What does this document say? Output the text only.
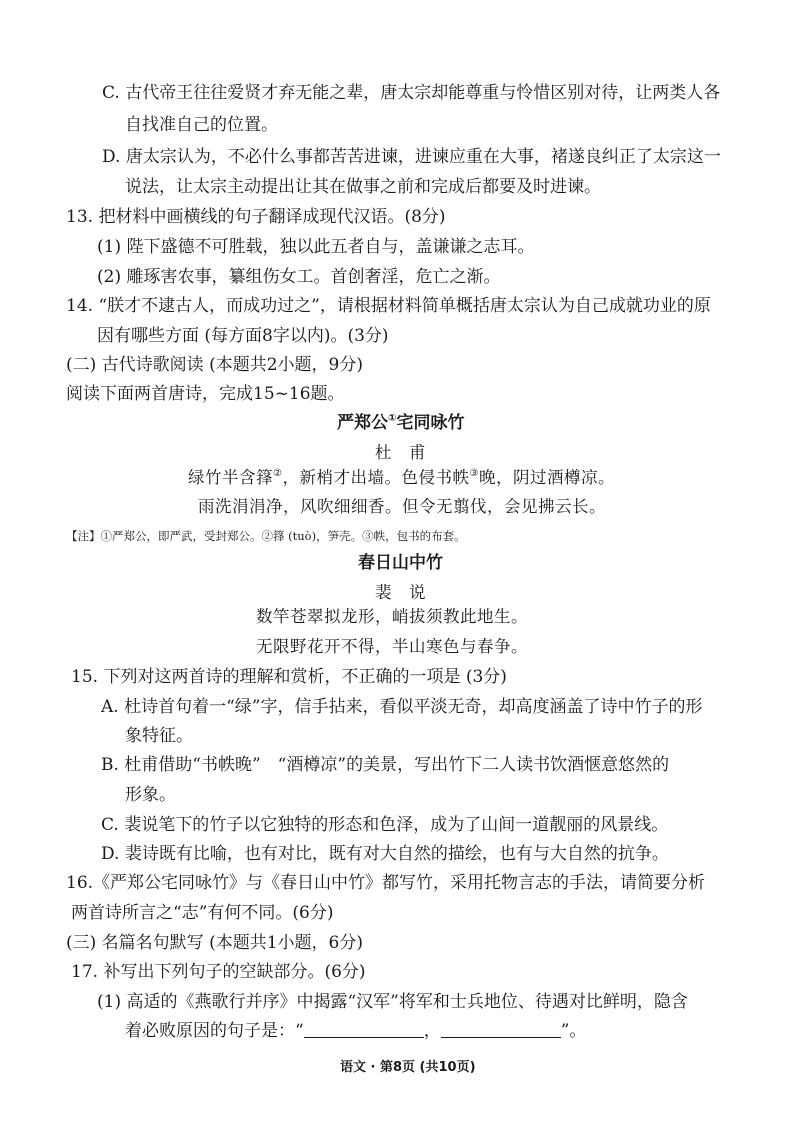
C. 古代帝王往往爱贤才弃无能之辈，唐太宗却能尊重与怜惜区别对待，让两类人各
自找准自己的位置。
D. 唐太宗认为，不必什么事都苦苦进谏，进谏应重在大事，褚遂良纠正了太宗这一
说法，让太宗主动提出让其在做事之前和完成后都要及时进谏。
13. 把材料中画横线的句子翻译成现代汉语。(8分)
(1) 陛下盛德不可胜载，独以此五者自与，盖谦谦之志耳。
(2) 雕琢害农事，纂组伤女工。首创奢淫，危亡之渐。
14. “朕才不逮古人，而成功过之”，请根据材料简单概括唐太宗认为自己成就功业的原
因有哪些方面 (每方面8字以内)。(3分)
(二) 古代诗歌阅读 (本题共2小题，9分)
阅读下面两首唐诗，完成15~16题。
严郑公①宅同咏竹
杜　甫
绿竹半含箨②，新梢才出墙。色侵书帙③晚，阴过酒樽凉。
雨洗涓涓净，风吹细细香。但令无翦伐，会见拂云长。
【注】①严郑公，即严武，受封郑公。②箨 (tuò)，笋壳。③帙，包书的布套。
春日山中竹
裴　说
数竿苍翠拟龙形，峭拔须教此地生。
无限野花开不得，半山寒色与春争。
15. 下列对这两首诗的理解和赏析，不正确的一项是 (3分)
A. 杜诗首句着一“绿”字，信手拈来，看似平淡无奇，却高度涵盖了诗中竹子的形
象特征。
B. 杜甫借助“书帙晚”　“酒樽凉”的美景，写出竹下二人读书饮酒惬意悠然的
形象。
C. 裴说笔下的竹子以它独特的形态和色泽，成为了山间一道靓丽的风景线。
D. 裴诗既有比喻，也有对比，既有对大自然的描绘，也有与大自然的抗争。
16.《严郑公宅同咏竹》与《春日山中竹》都写竹，采用托物言志的手法，请简要分析
两首诗所言之“志”有何不同。(6分)
(三) 名篇名句默写 (本题共1小题，6分)
17. 补写出下列句子的空缺部分。(6分)
(1) 高适的《燕歌行并序》中揭露“汉军”将军和士兵地位、待遇对比鲜明，隐含
着必败原因的句子是：“	，	”。
语文 · 第8页 (共10页)
